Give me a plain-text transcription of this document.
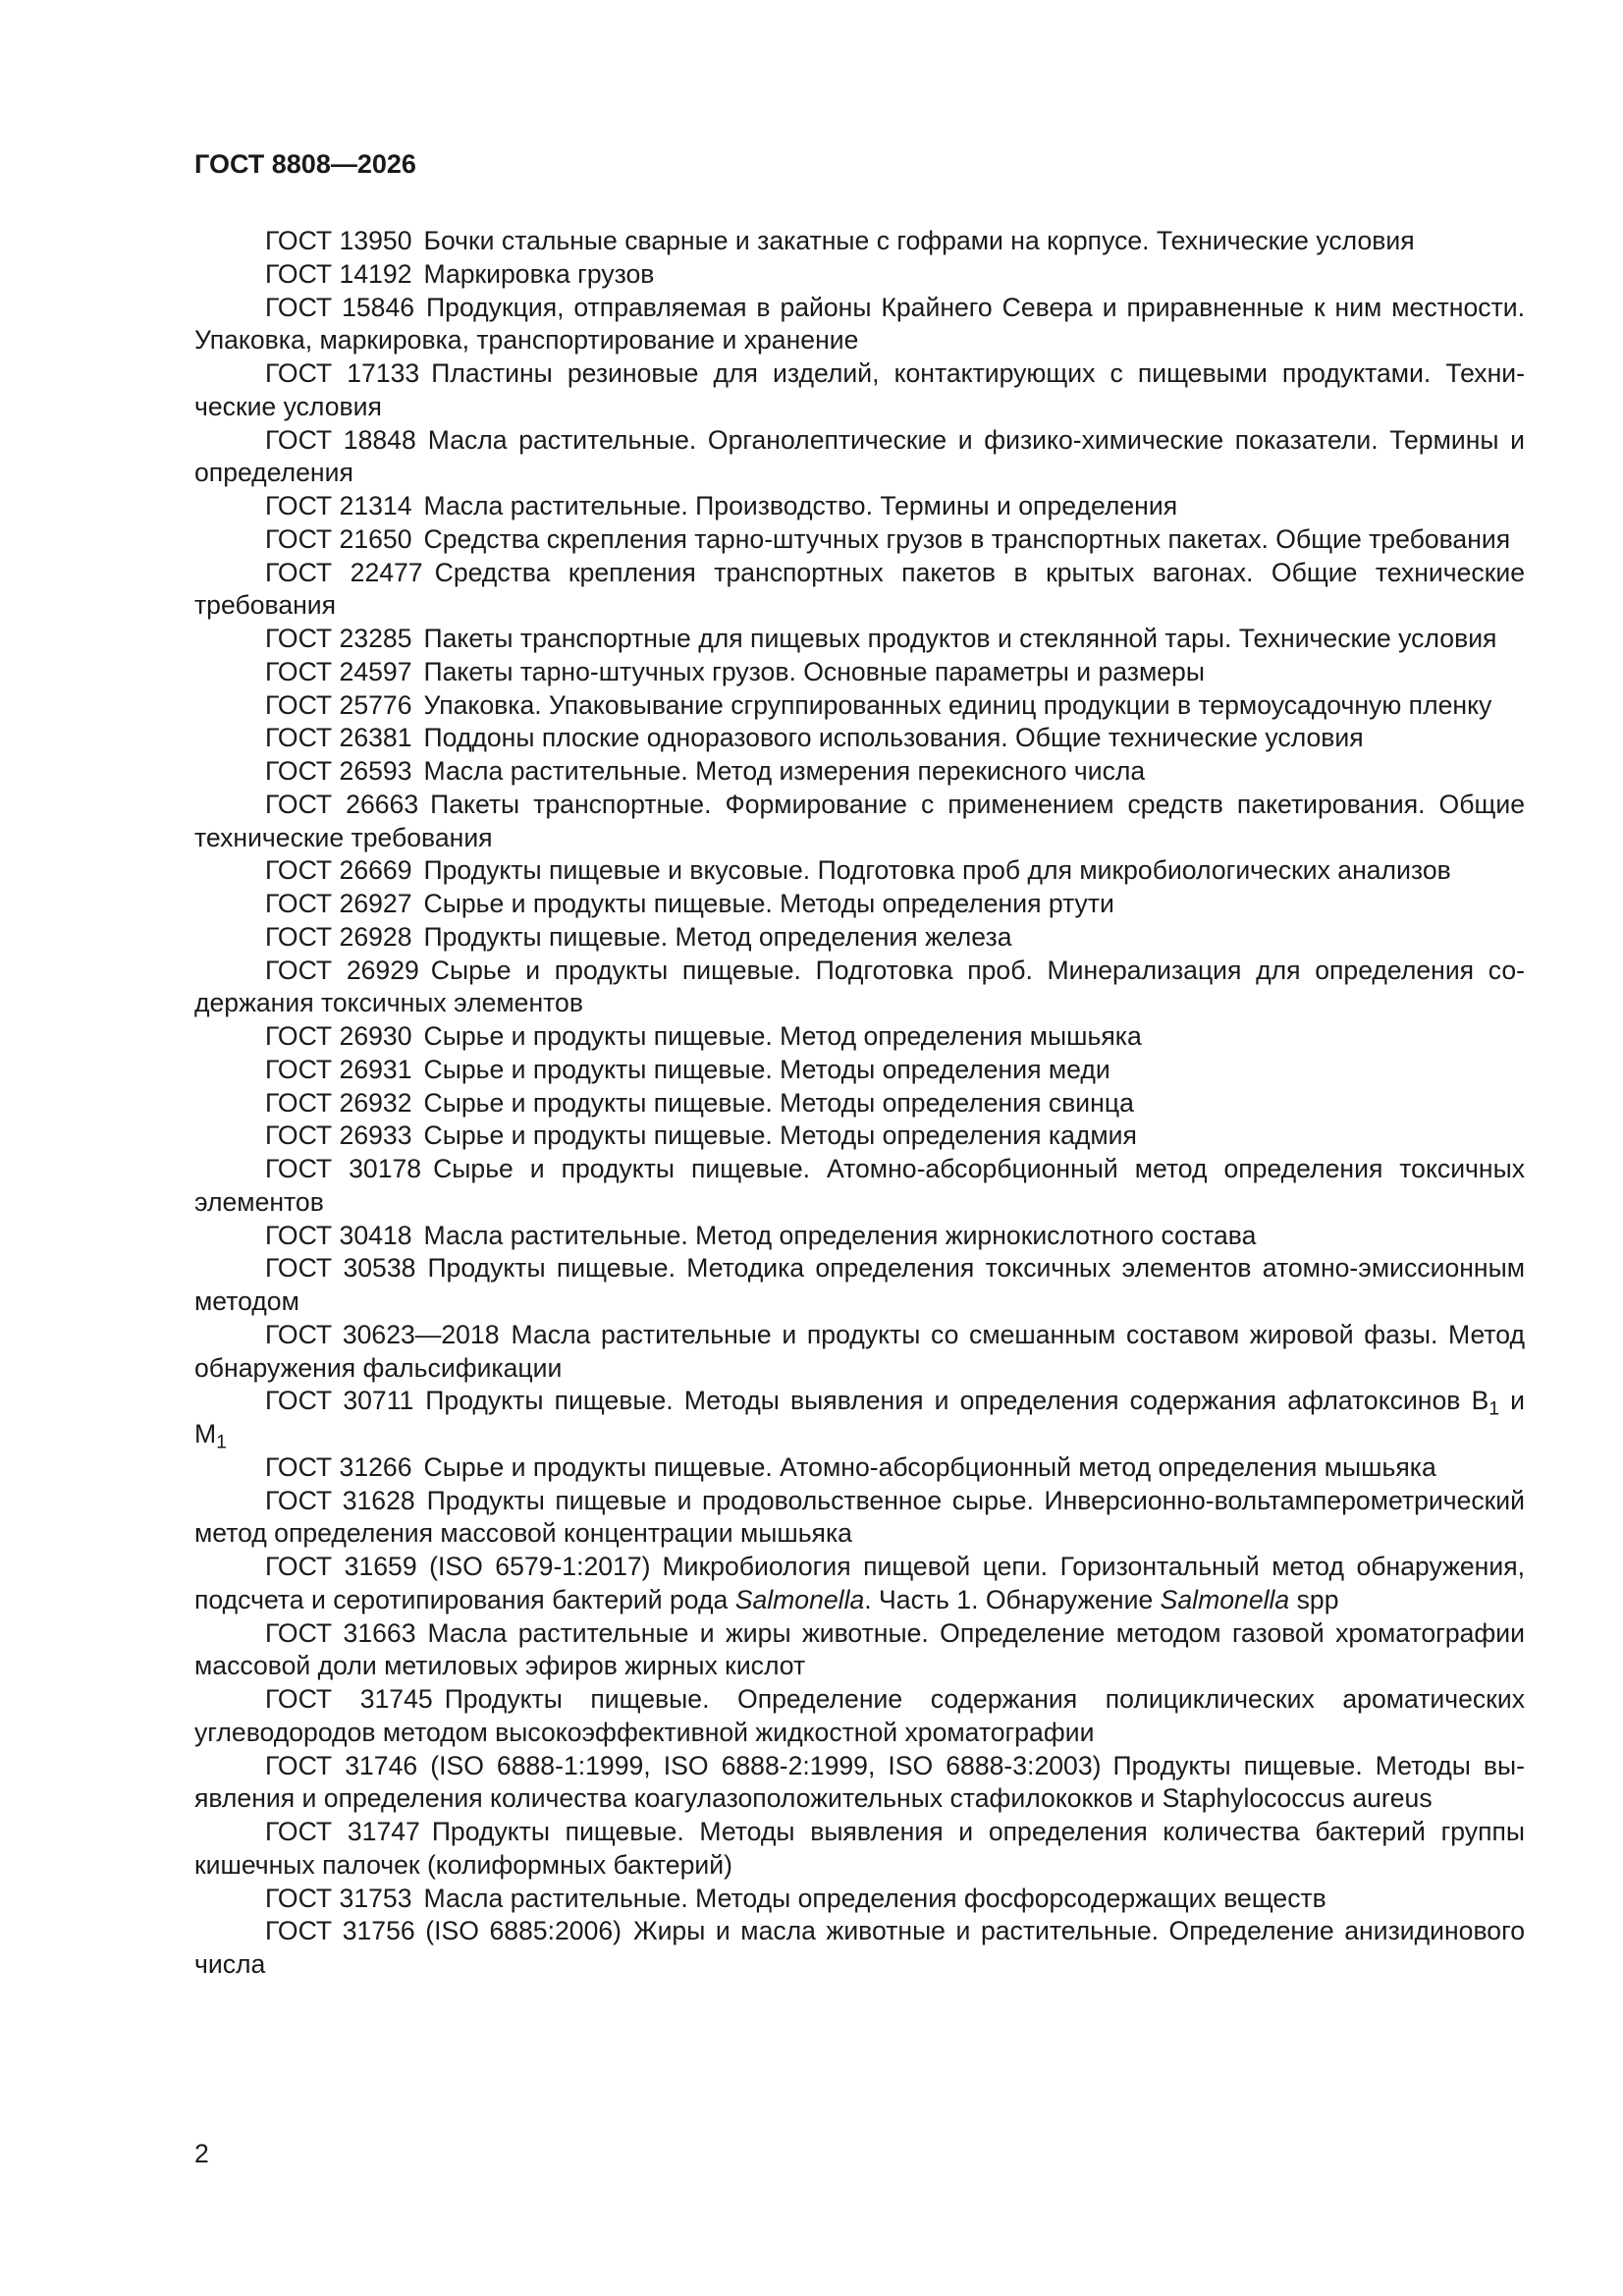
ГОСТ 8808—2026

ГОСТ 13950 Бочки стальные сварные и закатные с гофрами на корпусе. Технические условия

ГОСТ 14192 Маркировка грузов

ГОСТ 15846 Продукция, отправляемая в районы Крайнего Севера и приравненные к ним местности. Упаковка, маркировка, транспортирование и хранение

ГОСТ 17133 Пластины резиновые для изделий, контактирующих с пищевыми продуктами. Технические условия

ГОСТ 18848 Масла растительные. Органолептические и физико-химические показатели. Термины и определения

ГОСТ 21314 Масла растительные. Производство. Термины и определения

ГОСТ 21650 Средства скрепления тарно-штучных грузов в транспортных пакетах. Общие требования

ГОСТ 22477 Средства крепления транспортных пакетов в крытых вагонах. Общие технические требования

ГОСТ 23285 Пакеты транспортные для пищевых продуктов и стеклянной тары. Технические условия

ГОСТ 24597 Пакеты тарно-штучных грузов. Основные параметры и размеры

ГОСТ 25776 Упаковка. Упаковывание сгруппированных единиц продукции в термоусадочную пленку

ГОСТ 26381 Поддоны плоские одноразового использования. Общие технические условия

ГОСТ 26593 Масла растительные. Метод измерения перекисного числа

ГОСТ 26663 Пакеты транспортные. Формирование с применением средств пакетирования. Общие технические требования

ГОСТ 26669 Продукты пищевые и вкусовые. Подготовка проб для микробиологических анализов

ГОСТ 26927 Сырье и продукты пищевые. Методы определения ртути

ГОСТ 26928 Продукты пищевые. Метод определения железа

ГОСТ 26929 Сырье и продукты пищевые. Подготовка проб. Минерализация для определения содержания токсичных элементов

ГОСТ 26930 Сырье и продукты пищевые. Метод определения мышьяка

ГОСТ 26931 Сырье и продукты пищевые. Методы определения меди

ГОСТ 26932 Сырье и продукты пищевые. Методы определения свинца

ГОСТ 26933 Сырье и продукты пищевые. Методы определения кадмия

ГОСТ 30178 Сырье и продукты пищевые. Атомно-абсорбционный метод определения токсичных элементов

ГОСТ 30418 Масла растительные. Метод определения жирнокислотного состава

ГОСТ 30538 Продукты пищевые. Методика определения токсичных элементов атомно-эмиссионным методом

ГОСТ 30623—2018 Масла растительные и продукты со смешанным составом жировой фазы. Метод обнаружения фальсификации

ГОСТ 30711 Продукты пищевые. Методы выявления и определения содержания афлатоксинов $В_1$ и $М_1$

ГОСТ 31266 Сырье и продукты пищевые. Атомно-абсорбционный метод определения мышьяка

ГОСТ 31628 Продукты пищевые и продовольственное сырье. Инверсионно-вольтамперометрический метод определения массовой концентрации мышьяка

ГОСТ 31659 (ISO 6579-1:2017) Микробиология пищевой цепи. Горизонтальный метод обнаружения, подсчета и серотипирования бактерий рода Salmonella. Часть 1. Обнаружение Salmonella spp

ГОСТ 31663 Масла растительные и жиры животные. Определение методом газовой хроматографии массовой доли метиловых эфиров жирных кислот

ГОСТ 31745 Продукты пищевые. Определение содержания полициклических ароматических углеводородов методом высокоэффективной жидкостной хроматографии

ГОСТ 31746 (ISO 6888-1:1999, ISO 6888-2:1999, ISO 6888-3:2003) Продукты пищевые. Методы выявления и определения количества коагулазоположительных стафилококков и Staphylococcus aureus

ГОСТ 31747 Продукты пищевые. Методы выявления и определения количества бактерий группы кишечных палочек (колиформных бактерий)

ГОСТ 31753 Масла растительные. Методы определения фосфорсодержащих веществ

ГОСТ 31756 (ISO 6885:2006) Жиры и масла животные и растительные. Определение анизидинового числа

2
